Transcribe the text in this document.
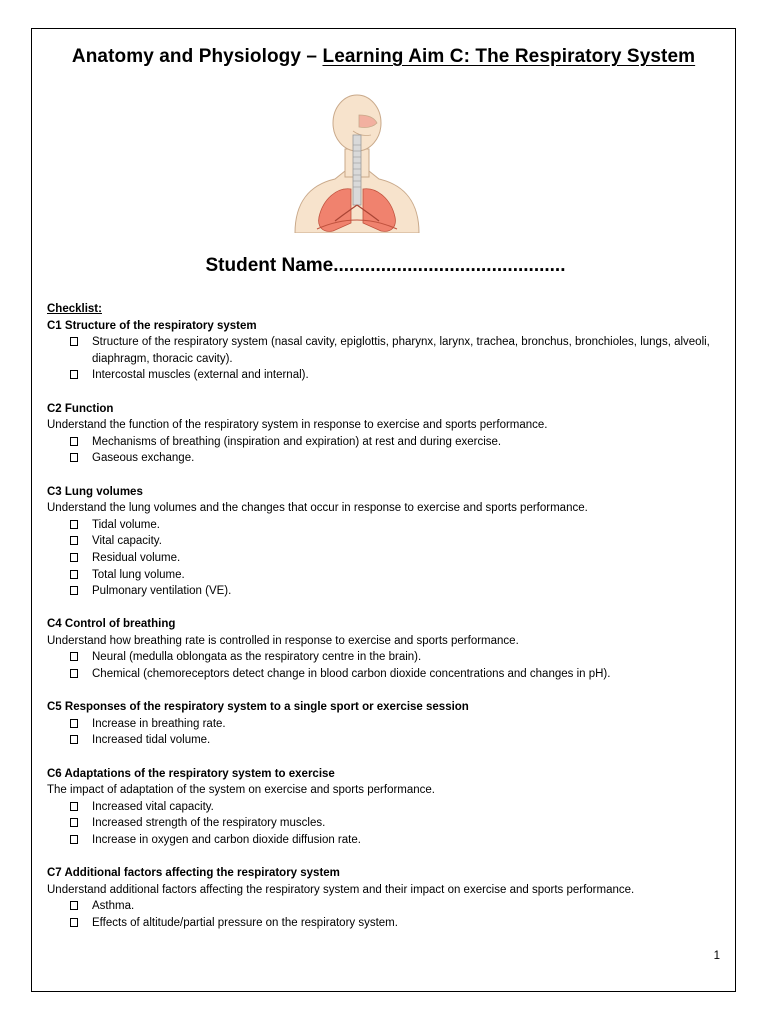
Anatomy and Physiology – Learning Aim C: The Respiratory System
Student Name............................................
Checklist:
C1 Structure of the respiratory system
Structure of the respiratory system (nasal cavity, epiglottis, pharynx, larynx, trachea, bronchus, bronchioles, lungs, alveoli, diaphragm, thoracic cavity).
Intercostal muscles (external and internal).
C2 Function
Understand the function of the respiratory system in response to exercise and sports performance.
Mechanisms of breathing (inspiration and expiration) at rest and during exercise.
Gaseous exchange.
C3 Lung volumes
Understand the lung volumes and the changes that occur in response to exercise and sports performance.
Tidal volume.
Vital capacity.
Residual volume.
Total lung volume.
Pulmonary ventilation (VE).
C4 Control of breathing
Understand how breathing rate is controlled in response to exercise and sports performance.
Neural (medulla oblongata as the respiratory centre in the brain).
Chemical (chemoreceptors detect change in blood carbon dioxide concentrations and changes in pH).
C5 Responses of the respiratory system to a single sport or exercise session
Increase in breathing rate.
Increased tidal volume.
C6 Adaptations of the respiratory system to exercise
The impact of adaptation of the system on exercise and sports performance.
Increased vital capacity.
Increased strength of the respiratory muscles.
Increase in oxygen and carbon dioxide diffusion rate.
C7 Additional factors affecting the respiratory system
Understand additional factors affecting the respiratory system and their impact on exercise and sports performance.
Asthma.
Effects of altitude/partial pressure on the respiratory system.
1
